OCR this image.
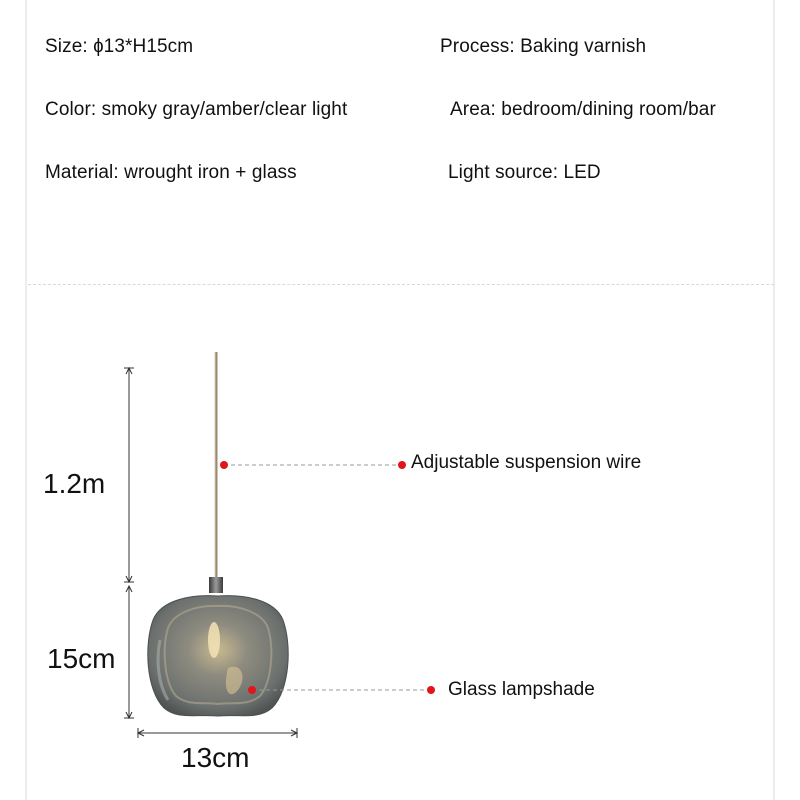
Size: ɸ13*H15cm	Process: Baking varnish
Color: smoky gray/amber/clear light	Area: bedroom/dining room/bar
Material: wrought iron + glass	Light source: LED
1.2m
15cm
13cm
Adjustable suspension wire
Glass lampshade
